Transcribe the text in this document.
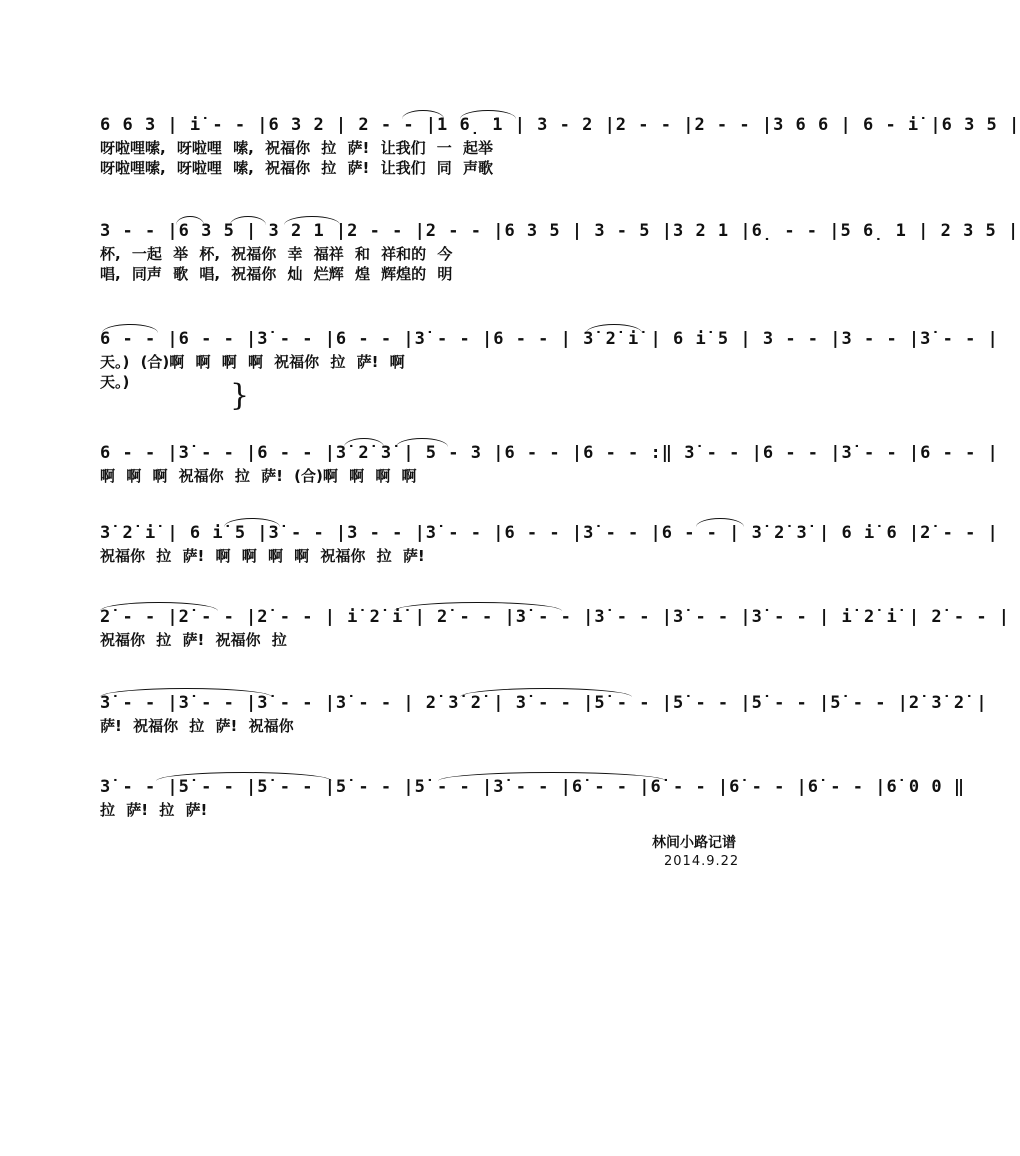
6 6 3 | i̇ - - |6 3 2 | 2 - - |1 6̣ 1 | 3 - 2 |2 - - |2 - - |3 6 6 | 6 - i̇ |6 3 5 |
呀啦哩嗦, 呀啦哩 嗦, 祝福你 拉 萨! 让我们 一 起举
呀啦哩嗦, 呀啦哩 嗦, 祝福你 拉 萨! 让我们 同 声歌
3 - - |6 3 5 | 3 2 1 |2 - - |2 - - |6 3 5 | 3 - 5 |3 2 1 |6̣ - - |5 6̣ 1 | 2 3 5 |
杯, 一起 举 杯, 祝福你 幸 福祥 和 祥和的 今
唱, 同声 歌 唱, 祝福你 灿 烂辉 煌 辉煌的 明
6 - - |6 - - |3̇ - - |6 - - |3̇ - - |6 - - | 3̇ 2̇ i̇ | 6 i̇ 5 | 3 - - |3 - - |3̇ - - |
天。) (合)啊 啊 啊 啊 祝福你 拉 萨! 啊
天。)	}
6 - - |3̇ - - |6 - - |3̇ 2̇ 3̇ | 5 - 3 |6 - - |6 - - :‖ 3̇ - - |6 - - |3̇ - - |6 - - |
啊 啊 啊 祝福你 拉 萨! (合)啊 啊 啊 啊
3̇ 2̇ i̇ | 6 i̇ 5 |3̇ - - |3 - - |3̇ - - |6 - - |3̇ - - |6 - - | 3̇ 2̇ 3̇ | 6 i̇ 6 |2̇ - - |
祝福你 拉 萨! 啊 啊 啊 啊 祝福你 拉 萨!
2̇ - - |2̇ - - |2̇ - - | i̇ 2̇ i̇ | 2̇ - - |3̇ - - |3̇ - - |3̇ - - |3̇ - - | i̇ 2̇ i̇ | 2̇ - - |
祝福你 拉 萨! 祝福你 拉
3̇ - - |3̇ - - |3̇ - - |3̇ - - | 2̇ 3̇ 2̇ | 3̇ - - |5̇ - - |5̇ - - |5̇ - - |5̇ - - |2̇ 3̇ 2̇ |
萨! 祝福你 拉 萨! 祝福你
3̇ - - |5̇ - - |5̇ - - |5̇ - - |5̇ - - |3̇ - - |6̇ - - |6̇ - - |6̇ - - |6̇ - - |6̇ 0 0 ‖
拉 萨! 拉 萨!
林间小路记谱
2014.9.22
